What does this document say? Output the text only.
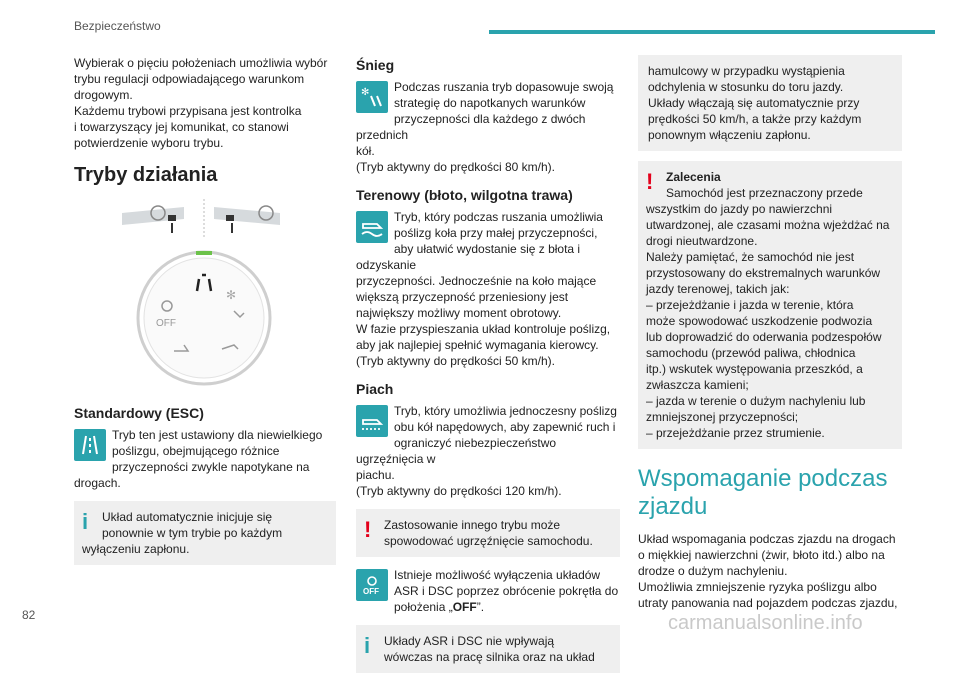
Bezpieczeństwo
82

Wybierak o pięciu położeniach umożliwia wybór

trybu regulacji odpowiadającego warunkom

drogowym.

Każdemu trybowi przypisana jest kontrolka

i towarzyszący jej komunikat, co stanowi

potwierdzenie wyboru trybu.

Tryby działania
OFF
✻
Standardowy (ESC)

Tryb ten jest ustawiony dla niewielkiego

poślizgu, obejmującego różnice

przyczepności zwykle napotykane na drogach.

i	Układ automatycznie inicjuje się

ponownie w tym trybie po każdym

wyłączeniu zapłonu.

Śnieg
✻	Podczas ruszania tryb dopasowuje swoją

strategię do napotkanych warunków

przyczepności dla każdego z dwóch przednich

kół.

(Tryb aktywny do prędkości 80 km/h).

Terenowy (błoto, wilgotna trawa)

Tryb, który podczas ruszania umożliwia

poślizg koła przy małej przyczepności,

aby ułatwić wydostanie się z błota i odzyskanie

przyczepności. Jednocześnie na koło mające

większą przyczepność przeniesiony jest

największy możliwy moment obrotowy.

W fazie przyspieszania układ kontroluje poślizg,

aby jak najlepiej spełnić wymagania kierowcy.

(Tryb aktywny do prędkości 50 km/h).

Piach

Tryb, który umożliwia jednoczesny poślizg

obu kół napędowych, aby zapewnić ruch i

ograniczyć niebezpieczeństwo ugrzęźnięcia w

piachu.

(Tryb aktywny do prędkości 120 km/h).

!	Zastosowanie innego trybu może

spowodować ugrzęźnięcie samochodu.

OFF

Istnieje możliwość wyłączenia układów

ASR i DSC poprzez obrócenie pokrętła do

położenia „OFF”.

i	Układy ASR i DSC nie wpływają

wówczas na pracę silnika oraz na układ

hamulcowy w przypadku wystąpienia

odchylenia w stosunku do toru jazdy.

Układy włączają się automatycznie przy

prędkości 50 km/h, a także przy każdym

ponownym włączeniu zapłonu.

!	Zalecenia

Samochód jest przeznaczony przede

wszystkim do jazdy po nawierzchni

utwardzonej, ale czasami można wjeżdżać na

drogi nieutwardzone.

Należy pamiętać, że samochód nie jest

przystosowany do ekstremalnych warunków

jazdy terenowej, takich jak:

– przejeżdżanie i jazda w terenie, która

może spowodować uszkodzenie podwozia

lub doprowadzić do oderwania podzespołów

samochodu (przewód paliwa, chłodnica

itp.) wskutek występowania przeszkód, a

zwłaszcza kamieni;

– jazda w terenie o dużym nachyleniu lub

zmniejszonej przyczepności;

– przejeżdżanie przez strumienie.

Wspomaganie podczas zjazdu

Układ wspomagania podczas zjazdu na drogach

o miękkiej nawierzchni (żwir, błoto itd.) albo na

drodze o dużym nachyleniu.

Umożliwia zmniejszenie ryzyka poślizgu albo

utraty panowania nad pojazdem podczas zjazdu,

carmanualsonline.info
